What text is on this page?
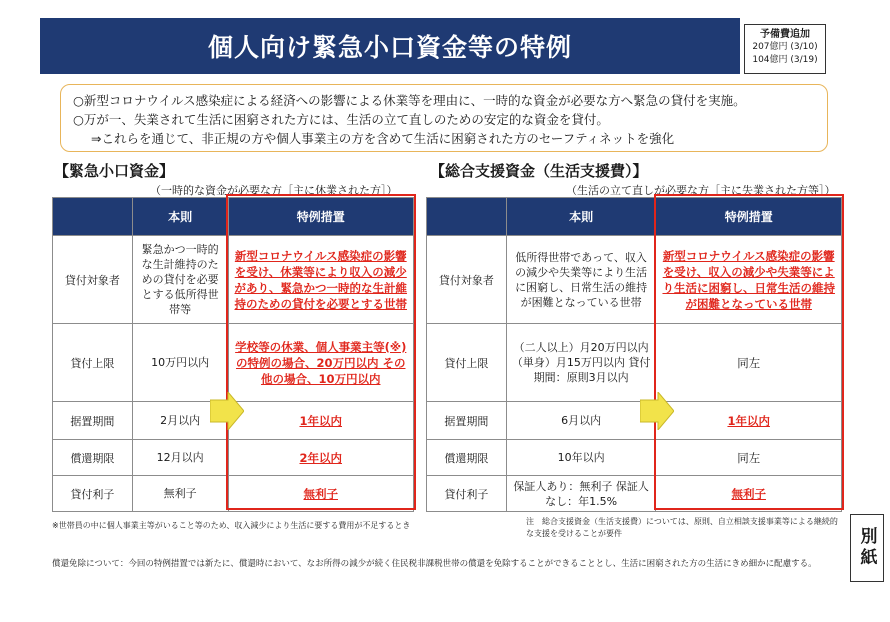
個人向け緊急小口資金等の特例	予備費追加
207億円 (3/10)
104億円 (3/19)
○新型コロナウイルス感染症による経済への影響による休業等を理由に、一時的な資金が必要な方へ緊急の貸付を実施。
○万が一、失業されて生活に困窮された方には、生活の立て直しのための安定的な資金を貸付。
⇒これらを通じて、非正規の方や個人事業主の方を含めて生活に困窮された方のセーフティネットを強化
【緊急小口資金】
（一時的な資金が必要な方［主に休業された方］）
	本則	特例措置
貸付対象者	緊急かつ一時的な生計維持のための貸付を必要とする低所得世帯等	新型コロナウイルス感染症の影響を受け、休業等により収入の減少があり、緊急かつ一時的な生計維持のための貸付を必要とする世帯
貸付上限	10万円以内	学校等の休業、個人事業主等(※)の特例の場合、20万円以内 その他の場合、10万円以内
据置期間	2月以内	1年以内
償還期限	12月以内	2年以内
貸付利子	無利子	無利子
※世帯員の中に個人事業主等がいること等のため、収入減少により生活に要する費用が不足するとき
【総合支援資金（生活支援費）】
（生活の立て直しが必要な方［主に失業された方等］）
	本則	特例措置
貸付対象者	低所得世帯であって、収入の減少や失業等により生活に困窮し、日常生活の維持が困難となっている世帯	新型コロナウイルス感染症の影響を受け、収入の減少や失業等により生活に困窮し、日常生活の維持が困難となっている世帯
貸付上限	（二人以上）月20万円以内 （単身）月15万円以内 貸付期間：原則3月以内	同左
据置期間	6月以内	1年以内
償還期限	10年以内	同左
貸付利子	保証人あり：無利子 保証人なし：年1.5%	無利子
注　総合支援資金（生活支援費）については、原則、自立相談支援事業等による継続的な支援を受けることが要件
償還免除について：今回の特例措置では新たに、償還時において、なお所得の減少が続く住民税非課税世帯の償還を免除することができることとし、生活に困窮された方の生活にきめ細かに配慮する。	別紙
